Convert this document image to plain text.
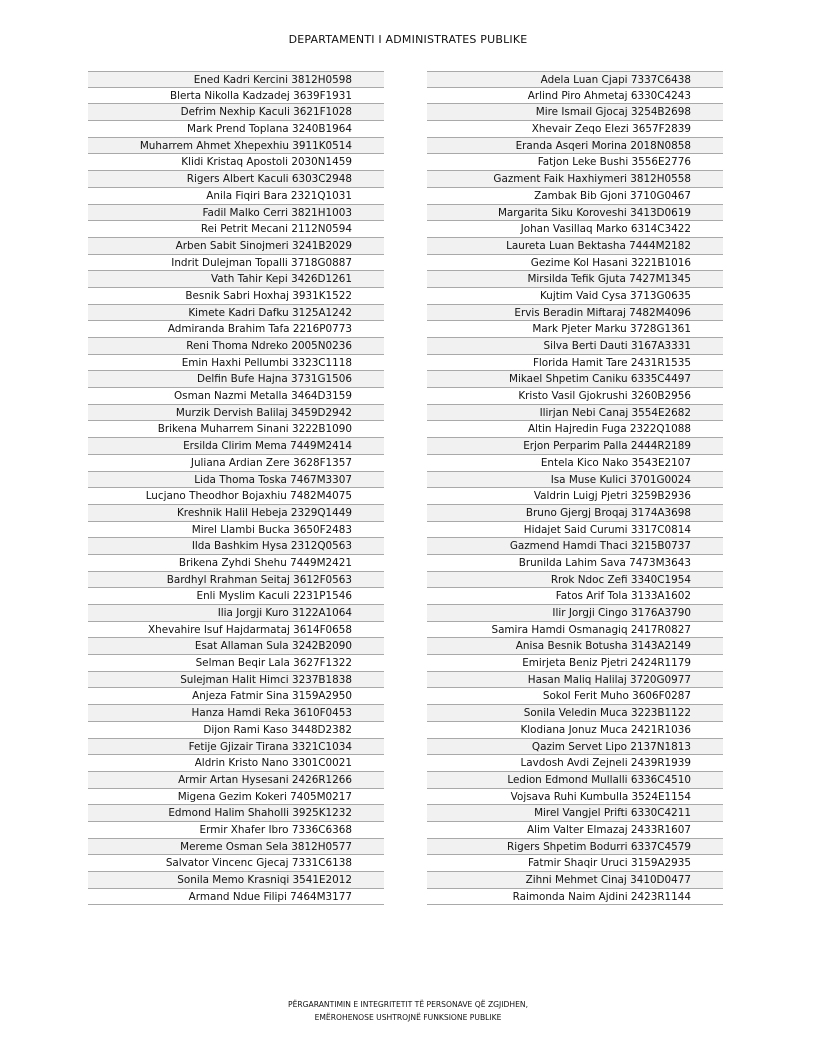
DEPARTAMENTI I ADMINISTRATES PUBLIKE
Ened Kadri Kercini 3812H0598
Blerta Nikolla Kadzadej 3639F1931
Defrim Nexhip Kaculi 3621F1028
Mark Prend Toplana 3240B1964
Muharrem Ahmet Xhepexhiu 3911K0514
Klidi Kristaq Apostoli 2030N1459
Rigers Albert Kaculi 6303C2948
Anila Fiqiri Bara 2321Q1031
Fadil Malko Cerri 3821H1003
Rei Petrit Mecani 2112N0594
Arben Sabit Sinojmeri 3241B2029
Indrit Dulejman Topalli 3718G0887
Vath Tahir Kepi 3426D1261
Besnik Sabri Hoxhaj 3931K1522
Kimete Kadri Dafku 3125A1242
Admiranda Brahim Tafa 2216P0773
Reni Thoma Ndreko 2005N0236
Emin Haxhi Pellumbi 3323C1118
Delfin Bufe Hajna 3731G1506
Osman Nazmi Metalla 3464D3159
Murzik Dervish Balilaj 3459D2942
Brikena Muharrem Sinani 3222B1090
Ersilda Clirim Mema 7449M2414
Juliana Ardian Zere 3628F1357
Lida Thoma Toska 7467M3307
Lucjano Theodhor Bojaxhiu 7482M4075
Kreshnik Halil Hebeja 2329Q1449
Mirel Llambi Bucka 3650F2483
Ilda Bashkim Hysa 2312Q0563
Brikena Zyhdi Shehu 7449M2421
Bardhyl Rrahman Seitaj 3612F0563
Enli Myslim Kaculi 2231P1546
Ilia Jorgji Kuro 3122A1064
Xhevahire Isuf Hajdarmataj 3614F0658
Esat Allaman Sula 3242B2090
Selman Beqir Lala 3627F1322
Sulejman Halit Himci 3237B1838
Anjeza Fatmir Sina 3159A2950
Hanza Hamdi Reka 3610F0453
Dijon Rami Kaso 3448D2382
Fetije Gjizair Tirana 3321C1034
Aldrin Kristo Nano 3301C0021
Armir Artan Hysesani 2426R1266
Migena Gezim Kokeri 7405M0217
Edmond Halim Shaholli 3925K1232
Ermir Xhafer Ibro 7336C6368
Mereme Osman Sela 3812H0577
Salvator Vincenc Gjecaj 7331C6138
Sonila Memo Krasniqi 3541E2012
Armand Ndue Filipi 7464M3177
Adela Luan Cjapi 7337C6438
Arlind Piro Ahmetaj 6330C4243
Mire Ismail Gjocaj 3254B2698
Xhevair Zeqo Elezi 3657F2839
Eranda Asqeri Morina 2018N0858
Fatjon Leke Bushi 3556E2776
Gazment Faik Haxhiymeri 3812H0558
Zambak Bib Gjoni 3710G0467
Margarita Siku Koroveshi 3413D0619
Johan Vasillaq Marko 6314C3422
Laureta Luan Bektasha 7444M2182
Gezime Kol Hasani 3221B1016
Mirsilda Tefik Gjuta 7427M1345
Kujtim Vaid Cysa 3713G0635
Ervis Beradin Miftaraj 7482M4096
Mark Pjeter Marku 3728G1361
Silva Berti Dauti 3167A3331
Florida Hamit Tare 2431R1535
Mikael Shpetim Caniku 6335C4497
Kristo Vasil Gjokrushi 3260B2956
Ilirjan Nebi Canaj 3554E2682
Altin Hajredin Fuga 2322Q1088
Erjon Perparim Palla 2444R2189
Entela Kico Nako 3543E2107
Isa Muse Kulici 3701G0024
Valdrin Luigj Pjetri 3259B2936
Bruno Gjergj Broqaj 3174A3698
Hidajet Said Curumi 3317C0814
Gazmend Hamdi Thaci 3215B0737
Brunilda Lahim Sava 7473M3643
Rrok Ndoc Zefi 3340C1954
Fatos Arif Tola 3133A1602
Ilir Jorgji Cingo 3176A3790
Samira Hamdi Osmanagiq 2417R0827
Anisa Besnik Botusha 3143A2149
Emirjeta Beniz Pjetri 2424R1179
Hasan Maliq Halilaj 3720G0977
Sokol Ferit Muho 3606F0287
Sonila Veledin Muca 3223B1122
Klodiana Jonuz Muca 2421R1036
Qazim Servet Lipo 2137N1813
Lavdosh Avdi Zejneli 2439R1939
Ledion Edmond Mullalli 6336C4510
Vojsava Ruhi Kumbulla 3524E1154
Mirel Vangjel Prifti 6330C4211
Alim Valter Elmazaj 2433R1607
Rigers Shpetim Bodurri 6337C4579
Fatmir Shaqir Uruci 3159A2935
Zihni Mehmet Cinaj 3410D0477
Raimonda Naim Ajdini 2423R1144
PËRGARANTIMIN E INTEGRITETIT TË PERSONAVE QË ZGJIDHEN,
EMËROHENOSE USHTROJNË FUNKSIONE PUBLIKE
